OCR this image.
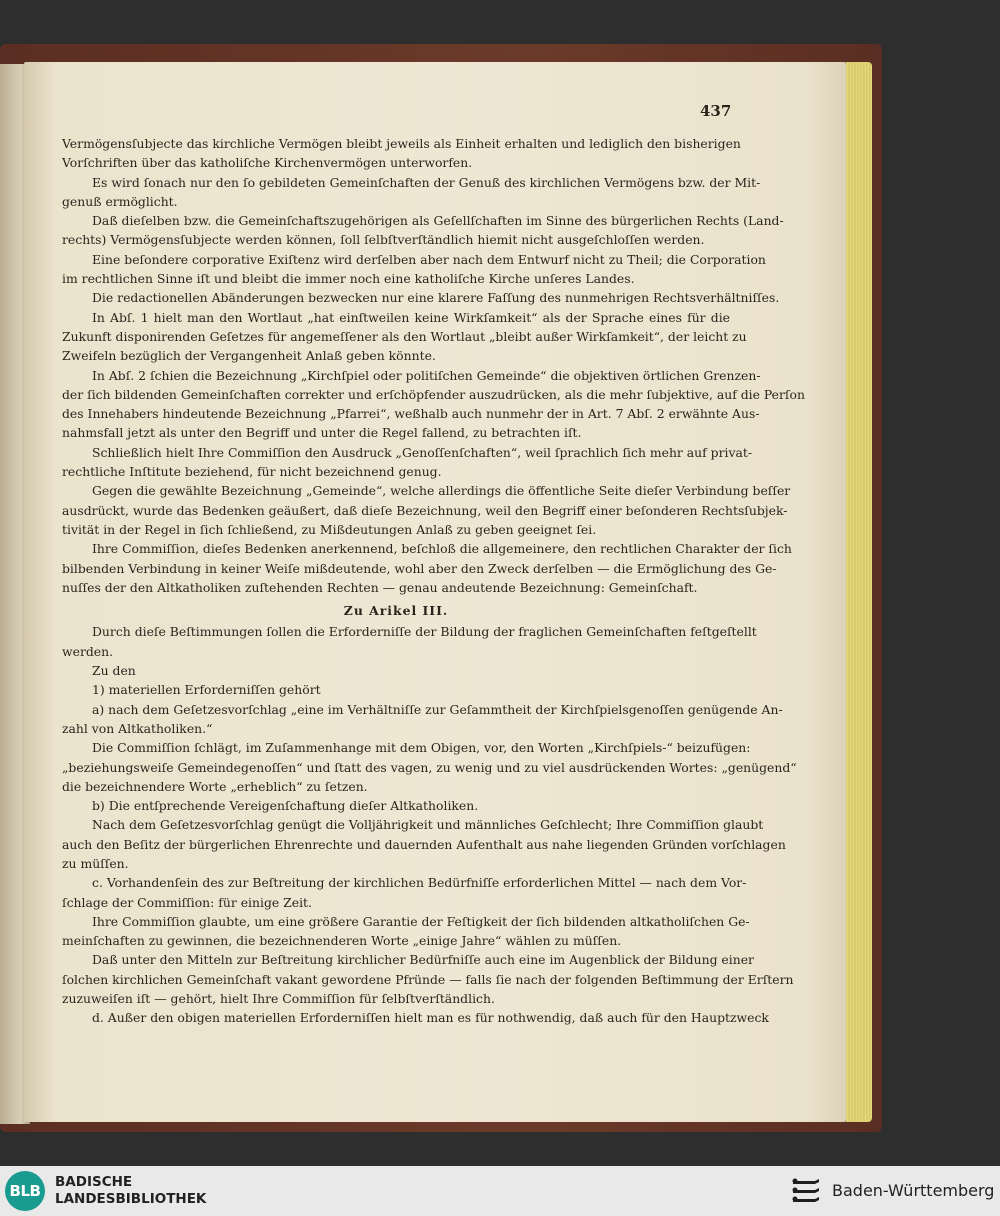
437
Vermögensſubjecte das kirchliche Vermögen bleibt jeweils als Einheit erhalten und lediglich den bisherigen
Vorſchriften über das katholiſche Kirchenvermögen unterworfen.
Es wird ſonach nur den ſo gebildeten Gemeinſchaften der Genuß des kirchlichen Vermögens bzw. der Mit-
genuß ermöglicht.
Daß dieſelben bzw. die Gemeinſchaftszugehörigen als Geſellſchaften im Sinne des bürgerlichen Rechts (Land-
rechts) Vermögensſubjecte werden können, ſoll ſelbſtverſtändlich hiemit nicht ausgeſchloſſen werden.
Eine beſondere corporative Exiſtenz wird derſelben aber nach dem Entwurf nicht zu Theil; die Corporation
im rechtlichen Sinne iſt und bleibt die immer noch eine katholiſche Kirche unſeres Landes.
Die redactionellen Abänderungen bezwecken nur eine klarere Faſſung des nunmehrigen Rechtsverhältniſſes.
In Abſ. 1 hielt man den Wortlaut „hat einſtweilen keine Wirkſamkeit“ als der Sprache eines für die
Zukunft disponirenden Geſetzes für angemeſſener als den Wortlaut „bleibt außer Wirkſamkeit“, der leicht zu
Zweifeln bezüglich der Vergangenheit Anlaß geben könnte.
In Abſ. 2 ſchien die Bezeichnung „Kirchſpiel oder politiſchen Gemeinde“ die objektiven örtlichen Grenzen-
der ſich bildenden Gemeinſchaften correkter und erſchöpfender auszudrücken, als die mehr ſubjektive, auf die Perſon
des Innehabers hindeutende Bezeichnung „Pfarrei“, weßhalb auch nunmehr der in Art. 7 Abſ. 2 erwähnte Aus-
nahmsfall jetzt als unter den Begriff und unter die Regel fallend, zu betrachten iſt.
Schließlich hielt Ihre Commiſſion den Ausdruck „Genoſſenſchaften“, weil ſprachlich ſich mehr auf privat-
rechtliche Inſtitute beziehend, für nicht bezeichnend genug.
Gegen die gewählte Bezeichnung „Gemeinde“, welche allerdings die öffentliche Seite dieſer Verbindung beſſer
ausdrückt, wurde das Bedenken geäußert, daß dieſe Bezeichnung, weil den Begriff einer beſonderen Rechtsſubjek-
tivität in der Regel in ſich ſchließend, zu Mißdeutungen Anlaß zu geben geeignet ſei.
Ihre Commiſſion, dieſes Bedenken anerkennend, beſchloß die allgemeinere, den rechtlichen Charakter der ſich
bilbenden Verbindung in keiner Weiſe mißdeutende, wohl aber den Zweck derſelben — die Ermöglichung des Ge-
nuſſes der den Altkatholiken zuſtehenden Rechten — genau andeutende Bezeichnung: Gemeinſchaft.
Zu Arikel III.
Durch dieſe Beſtimmungen ſollen die Erforderniſſe der Bildung der fraglichen Gemeinſchaften feſtgeſtellt
werden.
Zu den
1) materiellen Erforderniſſen gehört
a) nach dem Geſetzesvorſchlag „eine im Verhältniſſe zur Geſammtheit der Kirchſpielsgenoſſen genügende An-
zahl von Altkatholiken.“
Die Commiſſion ſchlägt, im Zuſammenhange mit dem Obigen, vor, den Worten „Kirchſpiels-“ beizufügen:
„beziehungsweiſe Gemeindegenoſſen“ und ſtatt des vagen, zu wenig und zu viel ausdrückenden Wortes: „genügend“
die bezeichnendere Worte „erheblich“ zu ſetzen.
b) Die entſprechende Vereigenſchaftung dieſer Altkatholiken.
Nach dem Geſetzesvorſchlag genügt die Volljährigkeit und männliches Geſchlecht; Ihre Commiſſion glaubt
auch den Beſitz der bürgerlichen Ehrenrechte und dauernden Aufenthalt aus nahe liegenden Gründen vorſchlagen
zu müſſen.
c. Vorhandenſein des zur Beſtreitung der kirchlichen Bedürfniſſe erforderlichen Mittel — nach dem Vor-
ſchlage der Commiſſion: für einige Zeit.
Ihre Commiſſion glaubte, um eine größere Garantie der Feſtigkeit der ſich bildenden altkatholiſchen Ge-
meinſchaften zu gewinnen, die bezeichnenderen Worte „einige Jahre“ wählen zu müſſen.
Daß unter den Mitteln zur Beſtreitung kirchlicher Bedürfniſſe auch eine im Augenblick der Bildung einer
ſolchen kirchlichen Gemeinſchaft vakant gewordene Pfründe — falls ſie nach der folgenden Beſtimmung der Erſtern
zuzuweiſen iſt — gehört, hielt Ihre Commiſſion für ſelbſtverſtändlich.
d. Außer den obigen materiellen Erforderniſſen hielt man es für nothwendig, daß auch für den Hauptzweck
BLB	BADISCHE
LANDESBIBLIOTHEK	Baden-Württemberg
